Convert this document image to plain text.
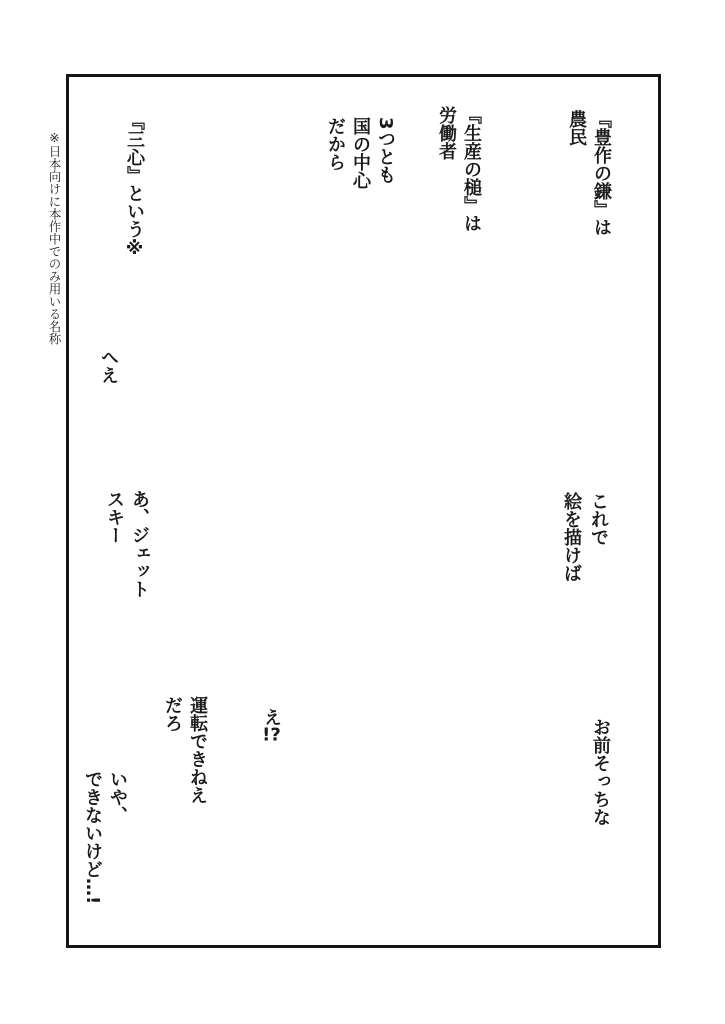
※日本向けに本作中でのみ用いる名称	『豊作の鎌』は
農民
『生産の槌』は
労働者
3つとも
国の中心
だから
『三心』という※
へえ
これで
絵を描けば
あ、ジェット
スキー
お前そっちな
え!?
運転できねえ
だろ
いや、
できないけど…!
